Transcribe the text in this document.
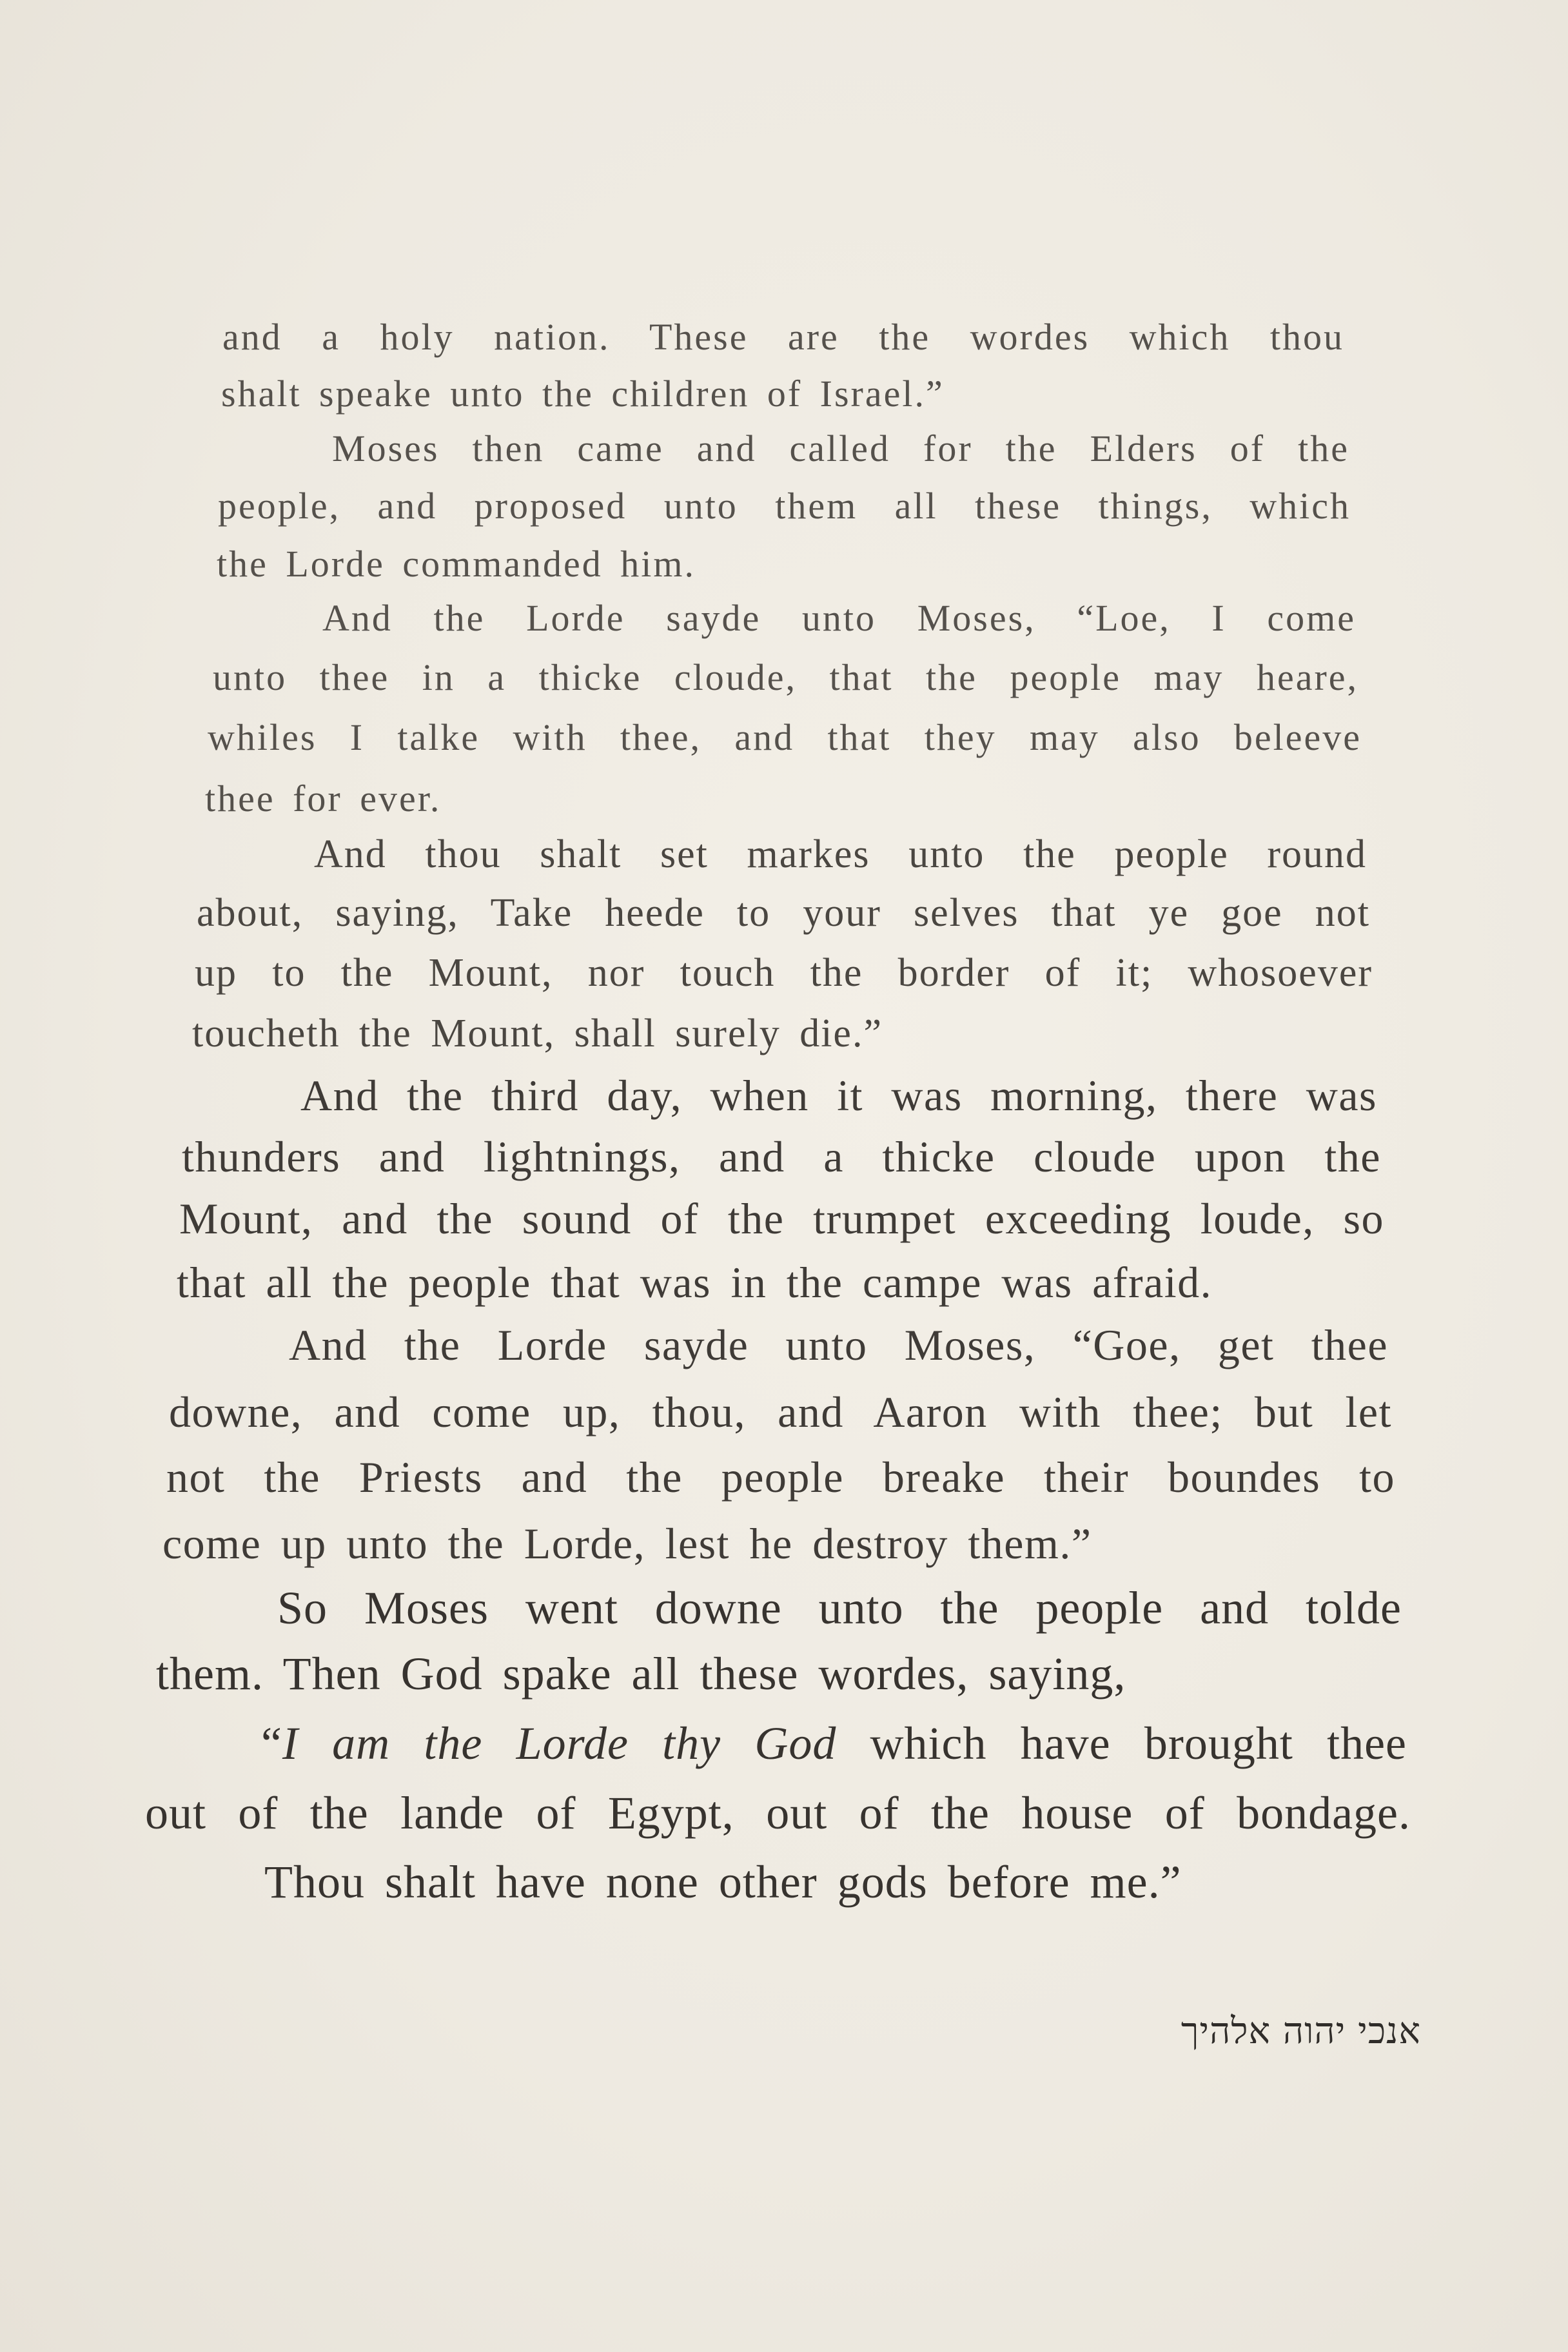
and a holy nation. These are the wordes which thou
shalt speake unto the children of Israel.”
Moses then came and called for the Elders of the
people, and proposed unto them all these things, which
the Lorde commanded him.
And the Lorde sayde unto Moses, “Loe, I come
unto thee in a thicke cloude, that the people may heare,
whiles I talke with thee, and that they may also beleeve
thee for ever.
And thou shalt set markes unto the people round
about, saying, Take heede to your selves that ye goe not
up to the Mount, nor touch the border of it; whosoever
toucheth the Mount, shall surely die.”
And the third day, when it was morning, there was
thunders and lightnings, and a thicke cloude upon the
Mount, and the sound of the trumpet exceeding loude, so
that all the people that was in the campe was afraid.
And the Lorde sayde unto Moses, “Goe, get thee
downe, and come up, thou, and Aaron with thee; but let
not the Priests and the people breake their boundes to
come up unto the Lorde, lest he destroy them.”
So Moses went downe unto the people and tolde
them. Then God spake all these wordes, saying,
“I am the Lorde thy God which have brought thee
out of the lande of Egypt, out of the house of bondage.
Thou shalt have none other gods before me.”
אנכי יהוה אלהיך
